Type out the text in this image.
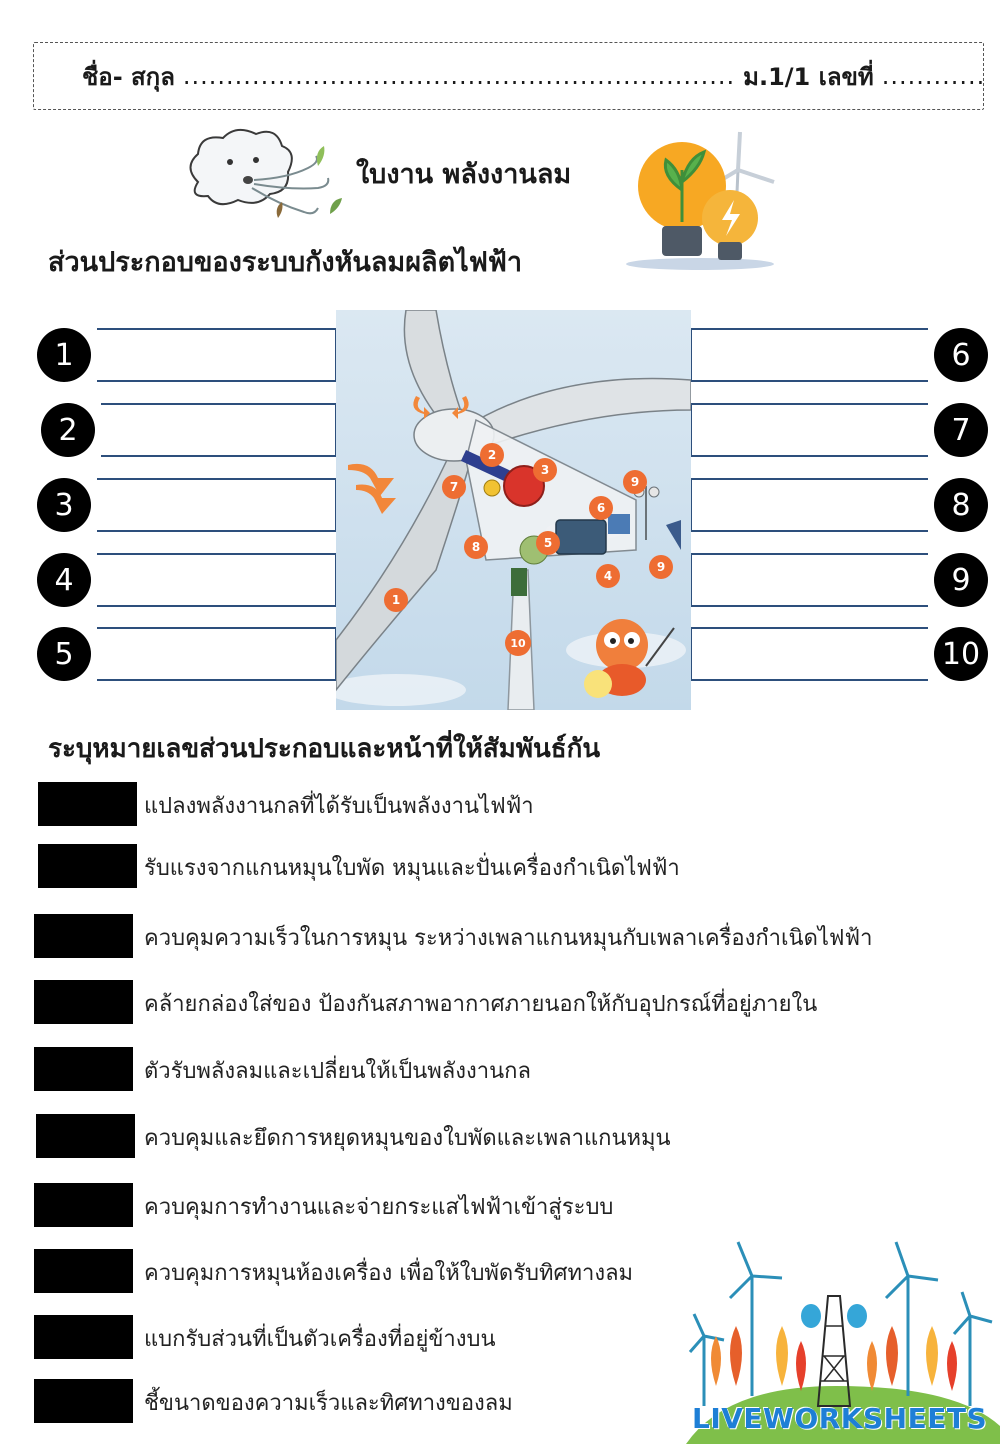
ชื่อ- สกุล ................................................................ ม.1/1 เลขที่ ............
ใบงาน พลังงานลม
ส่วนประกอบของระบบกังหันลมผลิตไฟฟ้า
1
2
3
4
5
6
7
8
9
10
1
2
3
4
5
6
7
8
9
9
10
ระบุหมายเลขส่วนประกอบและหน้าที่ให้สัมพันธ์กัน
แปลงพลังงานกลที่ได้รับเป็นพลังงานไฟฟ้า
รับแรงจากแกนหมุนใบพัด หมุนและปั่นเครื่องกำเนิดไฟฟ้า
ควบคุมความเร็วในการหมุน ระหว่างเพลาแกนหมุนกับเพลาเครื่องกำเนิดไฟฟ้า
คล้ายกล่องใส่ของ ป้องกันสภาพอากาศภายนอกให้กับอุปกรณ์ที่อยู่ภายใน
ตัวรับพลังลมและเปลี่ยนให้เป็นพลังงานกล
ควบคุมและยึดการหยุดหมุนของใบพัดและเพลาแกนหมุน
ควบคุมการทำงานและจ่ายกระแสไฟฟ้าเข้าสู่ระบบ
ควบคุมการหมุนห้องเครื่อง เพื่อให้ใบพัดรับทิศทางลม
แบกรับส่วนที่เป็นตัวเครื่องที่อยู่ข้างบน
ชี้ขนาดของความเร็วและทิศทางของลม	LIVEWORKSHEETS
